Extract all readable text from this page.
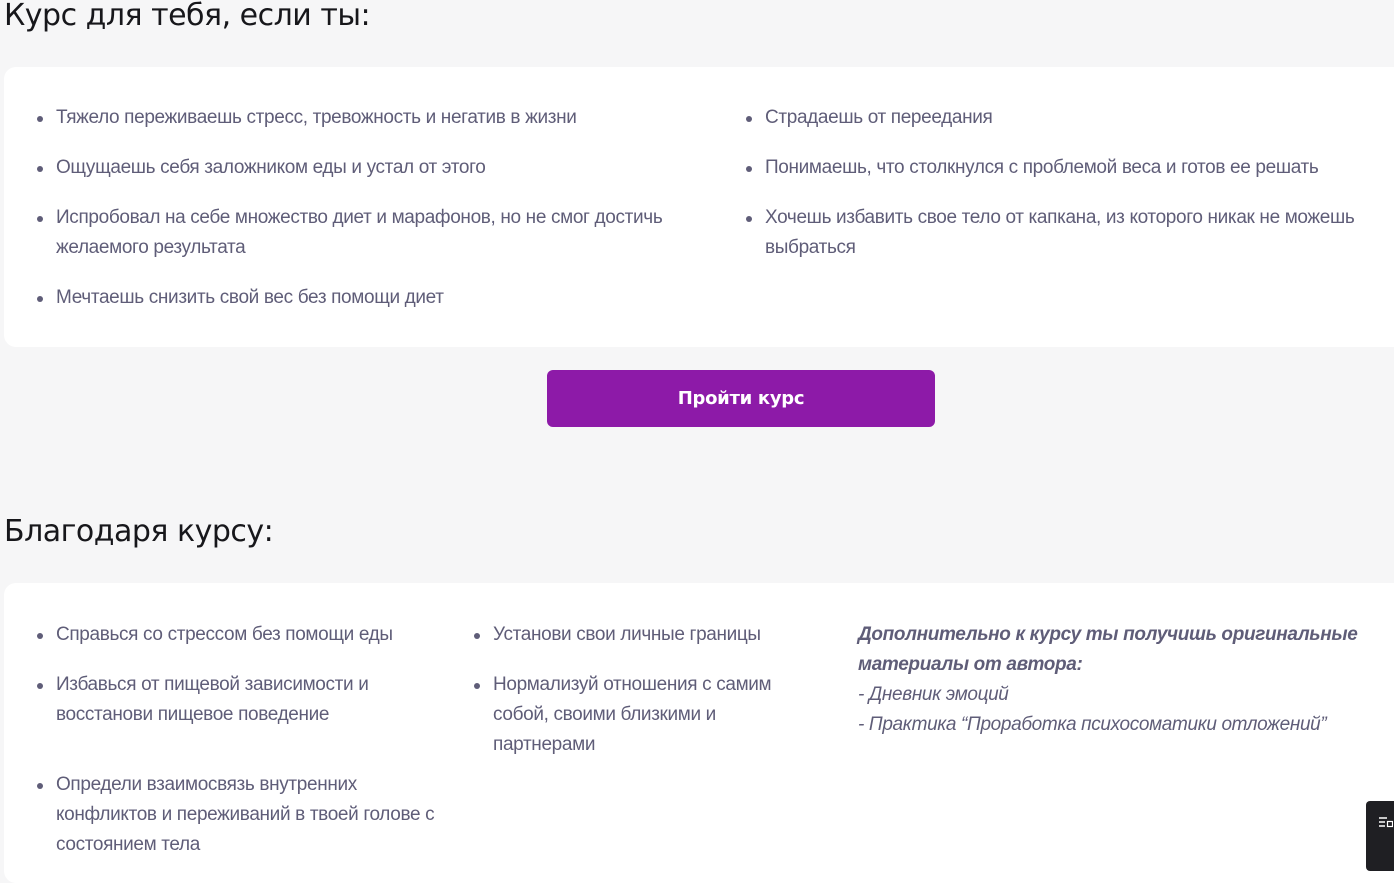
Курс для тебя, если ты:
Тяжело переживаешь стресс, тревожность и негатив в жизни
Ощущаешь себя заложником еды и устал от этого
Испробовал на себе множество диет и марафонов, но не смог достичь желаемого результата
Мечтаешь снизить свой вес без помощи диет
Страдаешь от переедания
Понимаешь, что столкнулся с проблемой веса и готов ее решать
Хочешь избавить свое тело от капкана, из которого никак не можешь выбраться
Пройти курс
Благодаря курсу:
Справься со стрессом без помощи еды
Избавься от пищевой зависимости и восстанови пищевое поведение
Определи взаимосвязь внутренних конфликтов и переживаний в твоей голове с состоянием тела
Установи свои личные границы
Нормализуй отношения с самим собой, своими близкими и партнерами
Дополнительно к курсу ты получишь оригинальные материалы от автора:
- Дневник эмоций
- Практика “Проработка психосоматики отложений”
